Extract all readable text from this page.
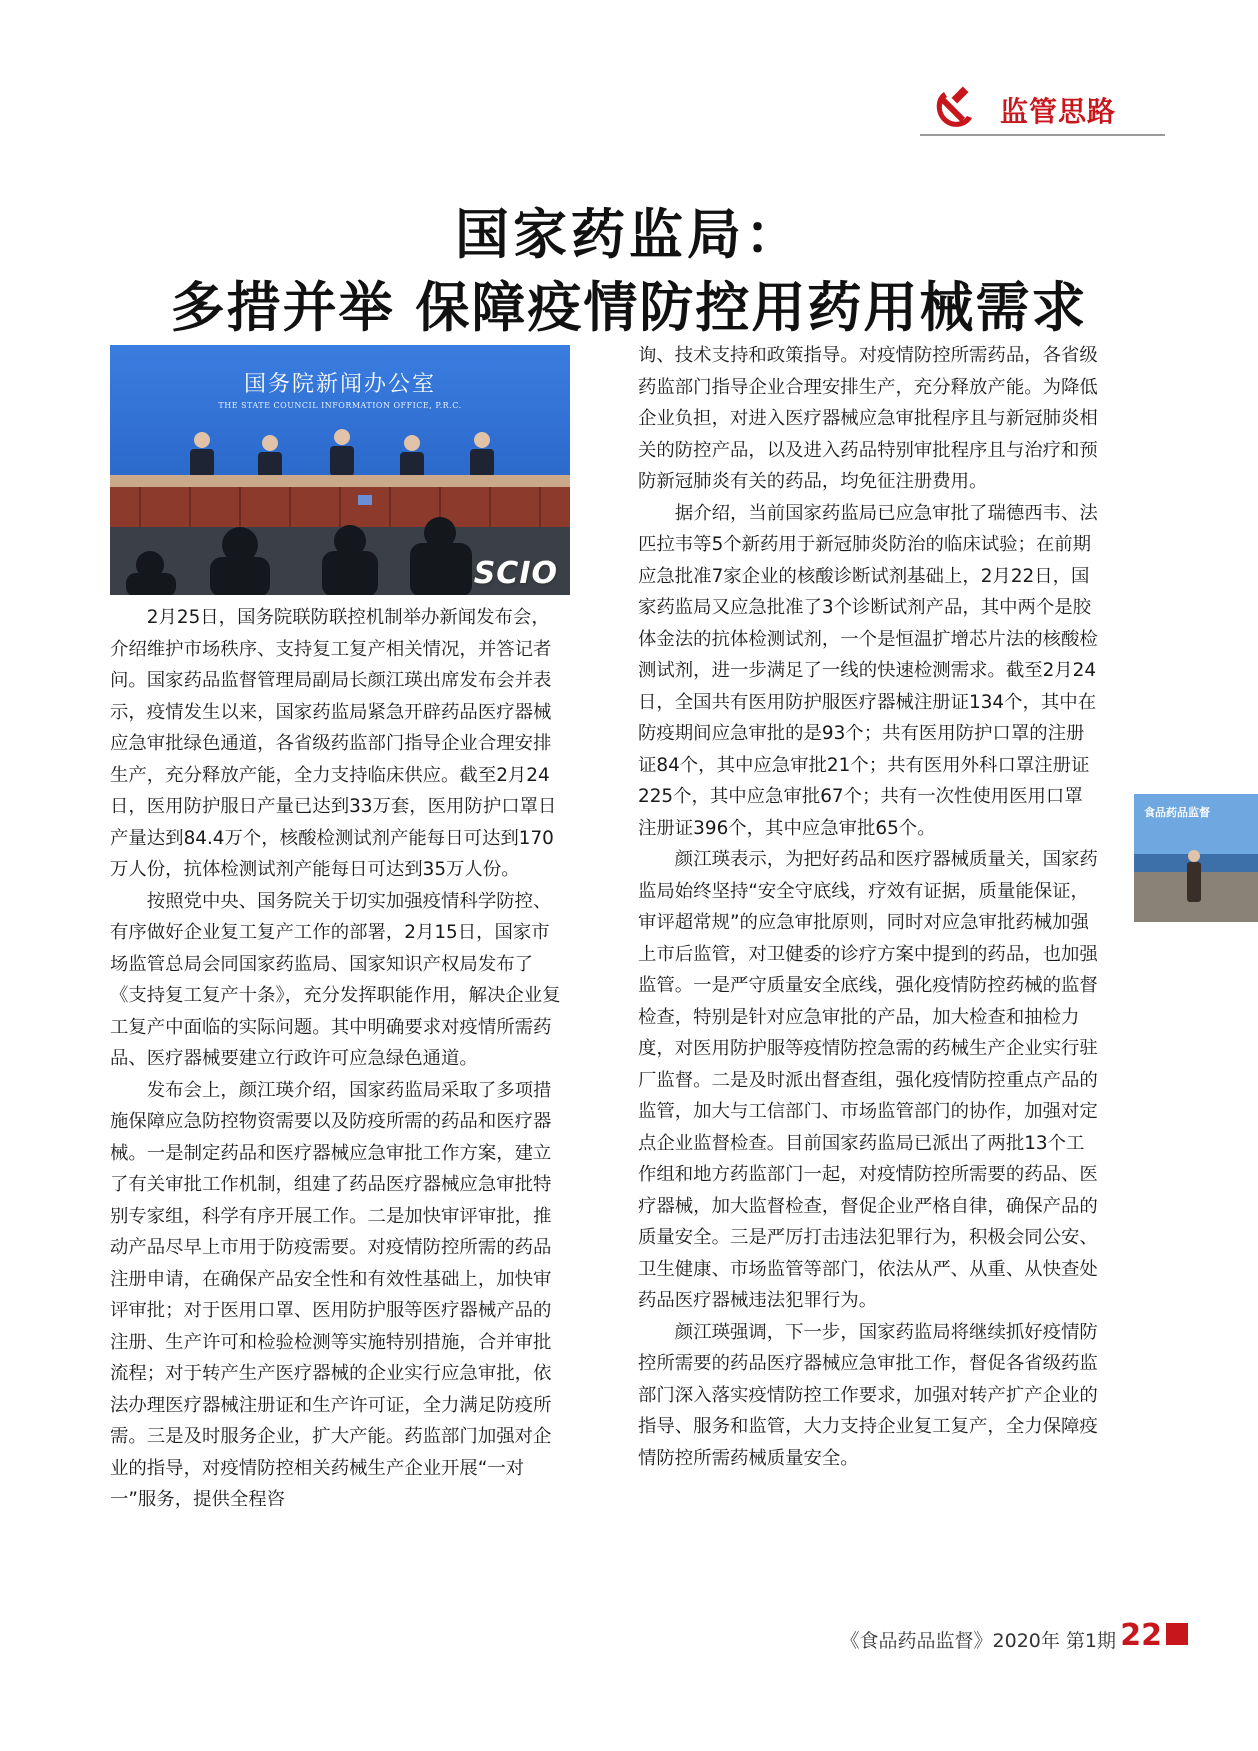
监管思路
国家药监局：
多措并举 保障疫情防控用药用械需求
国务院新闻办公室
THE STATE COUNCIL INFORMATION OFFICE, P.R.C.
SCIO

2月25日，国务院联防联控机制举办新闻发布会，介绍维护市场秩序、支持复工复产相关情况，并答记者问。国家药品监督管理局副局长颜江瑛出席发布会并表示，疫情发生以来，国家药监局紧急开辟药品医疗器械应急审批绿色通道，各省级药监部门指导企业合理安排生产，充分释放产能，全力支持临床供应。截至2月24日，医用防护服日产量已达到33万套，医用防护口罩日产量达到84.4万个，核酸检测试剂产能每日可达到170万人份，抗体检测试剂产能每日可达到35万人份。

按照党中央、国务院关于切实加强疫情科学防控、有序做好企业复工复产工作的部署，2月15日，国家市场监管总局会同国家药监局、国家知识产权局发布了《支持复工复产十条》，充分发挥职能作用，解决企业复工复产中面临的实际问题。其中明确要求对疫情所需药品、医疗器械要建立行政许可应急绿色通道。

发布会上，颜江瑛介绍，国家药监局采取了多项措施保障应急防控物资需要以及防疫所需的药品和医疗器械。一是制定药品和医疗器械应急审批工作方案，建立了有关审批工作机制，组建了药品医疗器械应急审批特别专家组，科学有序开展工作。二是加快审评审批，推动产品尽早上市用于防疫需要。对疫情防控所需的药品注册申请，在确保产品安全性和有效性基础上，加快审评审批；对于医用口罩、医用防护服等医疗器械产品的注册、生产许可和检验检测等实施特别措施，合并审批流程；对于转产生产医疗器械的企业实行应急审批，依法办理医疗器械注册证和生产许可证，全力满足防疫所需。三是及时服务企业，扩大产能。药监部门加强对企业的指导，对疫情防控相关药械生产企业开展“一对一”服务，提供全程咨

询、技术支持和政策指导。对疫情防控所需药品，各省级药监部门指导企业合理安排生产，充分释放产能。为降低企业负担，对进入医疗器械应急审批程序且与新冠肺炎相关的防控产品，以及进入药品特别审批程序且与治疗和预防新冠肺炎有关的药品，均免征注册费用。

据介绍，当前国家药监局已应急审批了瑞德西韦、法匹拉韦等5个新药用于新冠肺炎防治的临床试验；在前期应急批准7家企业的核酸诊断试剂基础上，2月22日，国家药监局又应急批准了3个诊断试剂产品，其中两个是胶体金法的抗体检测试剂，一个是恒温扩增芯片法的核酸检测试剂，进一步满足了一线的快速检测需求。截至2月24日，全国共有医用防护服医疗器械注册证134个，其中在防疫期间应急审批的是93个；共有医用防护口罩的注册证84个，其中应急审批21个；共有医用外科口罩注册证225个，其中应急审批67个；共有一次性使用医用口罩注册证396个，其中应急审批65个。

颜江瑛表示，为把好药品和医疗器械质量关，国家药监局始终坚持“安全守底线，疗效有证据，质量能保证，审评超常规”的应急审批原则，同时对应急审批药械加强上市后监管，对卫健委的诊疗方案中提到的药品，也加强监管。一是严守质量安全底线，强化疫情防控药械的监督检查，特别是针对应急审批的产品，加大检查和抽检力度，对医用防护服等疫情防控急需的药械生产企业实行驻厂监督。二是及时派出督查组，强化疫情防控重点产品的监管，加大与工信部门、市场监管部门的协作，加强对定点企业监督检查。目前国家药监局已派出了两批13个工作组和地方药监部门一起，对疫情防控所需要的药品、医疗器械，加大监督检查，督促企业严格自律，确保产品的质量安全。三是严厉打击违法犯罪行为，积极会同公安、卫生健康、市场监管等部门，依法从严、从重、从快查处药品医疗器械违法犯罪行为。

颜江瑛强调，下一步，国家药监局将继续抓好疫情防控所需要的药品医疗器械应急审批工作，督促各省级药监部门深入落实疫情防控工作要求，加强对转产扩产企业的指导、服务和监管，大力支持企业复工复产，全力保障疫情防控所需药械质量安全。

食品药品监督
《食品药品监督》2020年 第1期 22
